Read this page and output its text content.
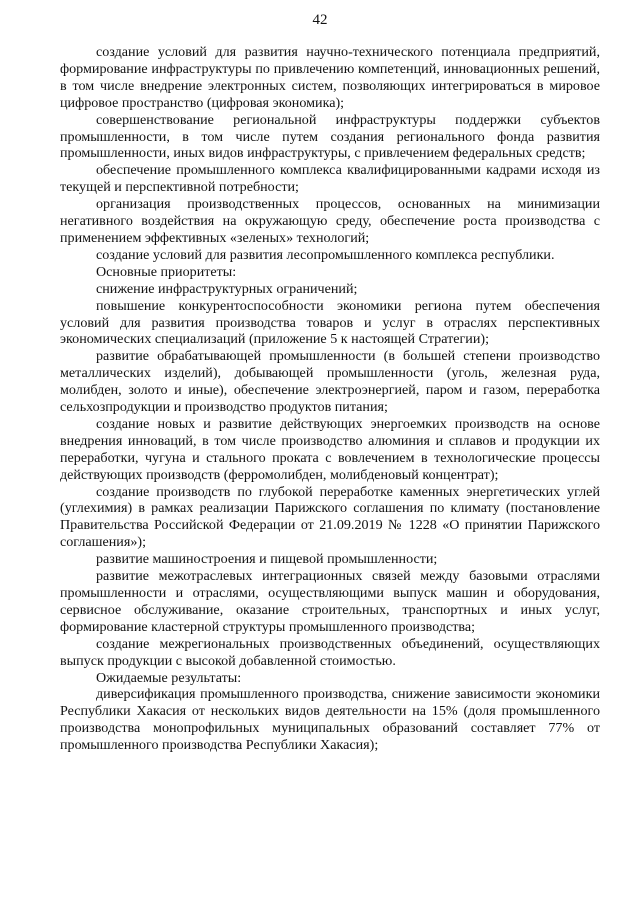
42

создание условий для развития научно-технического потенциала предприятий, формирование инфраструктуры по привлечению компетенций, инновационных решений, в том числе внедрение электронных систем, позволяющих интегрироваться в мировое цифровое пространство (цифровая экономика);

совершенствование региональной инфраструктуры поддержки субъектов промышленности, в том числе путем создания регионального фонда развития промышленности, иных видов инфраструктуры, с привлечением федеральных средств;

обеспечение промышленного комплекса квалифицированными кадрами исходя из текущей и перспективной потребности;

организация производственных процессов, основанных на минимизации негативного воздействия на окружающую среду, обеспечение роста производства с применением эффективных «зеленых» технологий;

создание условий для развития лесопромышленного комплекса республики.

Основные приоритеты:

снижение инфраструктурных ограничений;

повышение конкурентоспособности экономики региона путем обеспечения условий для развития производства товаров и услуг в отраслях перспективных экономических специализаций (приложение 5 к настоящей Стратегии);

развитие обрабатывающей промышленности (в большей степени производство металлических изделий), добывающей промышленности (уголь, железная руда, молибден, золото и иные), обеспечение электроэнергией, паром и газом, переработка сельхозпродукции и производство продуктов питания;

создание новых и развитие действующих энергоемких производств на основе внедрения инноваций, в том числе производство алюминия и сплавов и продукции их переработки, чугуна и стального проката с вовлечением в технологические процессы действующих производств (ферромолибден, молибденовый концентрат);

создание производств по глубокой переработке каменных энергетических углей (углехимия) в рамках реализации Парижского соглашения по климату (постановление Правительства Российской Федерации от 21.09.2019 № 1228 «О принятии Парижского соглашения»);

развитие машиностроения и пищевой промышленности;

развитие межотраслевых интеграционных связей между базовыми отраслями промышленности и отраслями, осуществляющими выпуск машин и оборудования, сервисное обслуживание, оказание строительных, транспортных и иных услуг, формирование кластерной структуры промышленного производства;

создание межрегиональных производственных объединений, осуществляющих выпуск продукции с высокой добавленной стоимостью.

Ожидаемые результаты:

диверсификация промышленного производства, снижение зависимости экономики Республики Хакасия от нескольких видов деятельности на 15% (доля промышленного производства монопрофильных муниципальных образований составляет 77% от промышленного производства Республики Хакасия);
